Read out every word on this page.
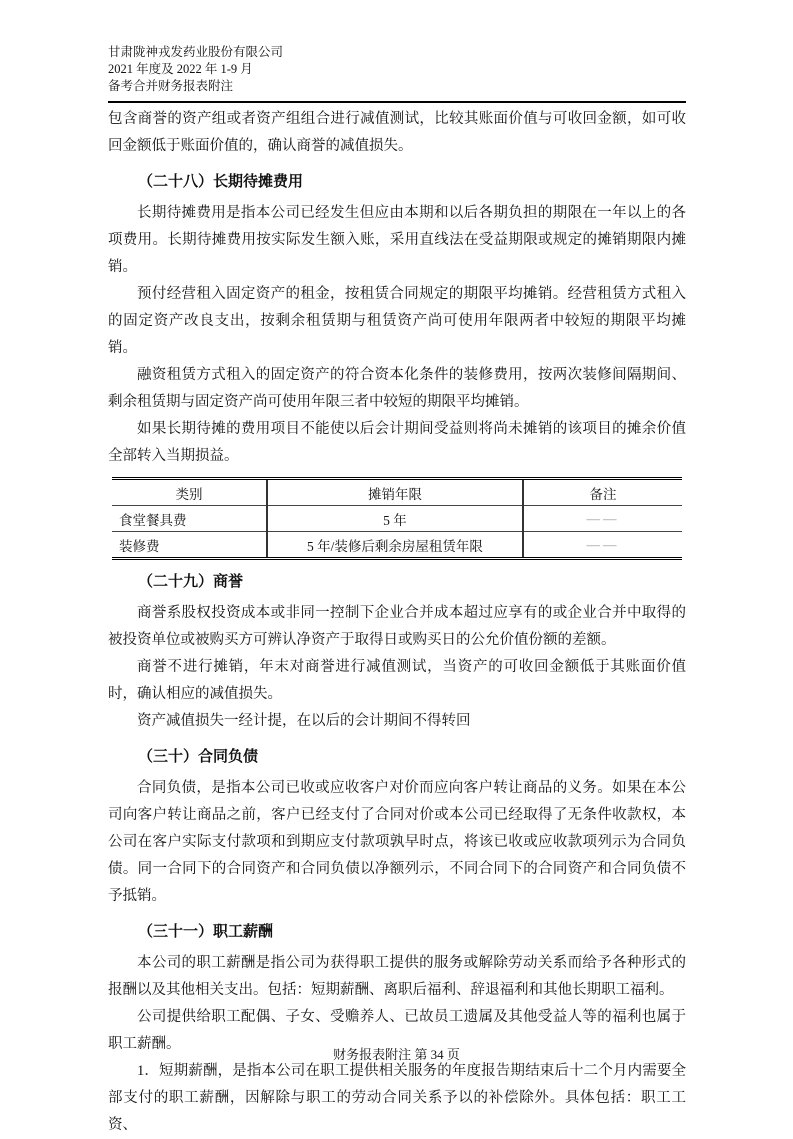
甘肃陇神戎发药业股份有限公司
2021 年度及 2022 年 1-9 月
备考合并财务报表附注

包含商誉的资产组或者资产组组合进行减值测试，比较其账面价值与可收回金额，如可收回金额低于账面价值的，确认商誉的减值损失。

（二十八）长期待摊费用

长期待摊费用是指本公司已经发生但应由本期和以后各期负担的期限在一年以上的各项费用。长期待摊费用按实际发生额入账，采用直线法在受益期限或规定的摊销期限内摊销。

预付经营租入固定资产的租金，按租赁合同规定的期限平均摊销。经营租赁方式租入的固定资产改良支出，按剩余租赁期与租赁资产尚可使用年限两者中较短的期限平均摊销。

融资租赁方式租入的固定资产的符合资本化条件的装修费用，按两次装修间隔期间、剩余租赁期与固定资产尚可使用年限三者中较短的期限平均摊销。

如果长期待摊的费用项目不能使以后会计期间受益则将尚未摊销的该项目的摊余价值全部转入当期损益。

类别	摊销年限	备注
食堂餐具费	5 年	——
装修费	5 年/装修后剩余房屋租赁年限	——
（二十九）商誉

商誉系股权投资成本或非同一控制下企业合并成本超过应享有的或企业合并中取得的被投资单位或被购买方可辨认净资产于取得日或购买日的公允价值份额的差额。

商誉不进行摊销，年末对商誉进行减值测试，当资产的可收回金额低于其账面价值时，确认相应的减值损失。

资产减值损失一经计提，在以后的会计期间不得转回

（三十）合同负债

合同负债，是指本公司已收或应收客户对价而应向客户转让商品的义务。如果在本公司向客户转让商品之前，客户已经支付了合同对价或本公司已经取得了无条件收款权，本公司在客户实际支付款项和到期应支付款项孰早时点，将该已收或应收款项列示为合同负债。同一合同下的合同资产和合同负债以净额列示，不同合同下的合同资产和合同负债不予抵销。

（三十一）职工薪酬

本公司的职工薪酬是指公司为获得职工提供的服务或解除劳动关系而给予各种形式的报酬以及其他相关支出。包括：短期薪酬、离职后福利、辞退福利和其他长期职工福利。

公司提供给职工配偶、子女、受赡养人、已故员工遗属及其他受益人等的福利也属于职工薪酬。

1．短期薪酬，是指本公司在职工提供相关服务的年度报告期结束后十二个月内需要全部支付的职工薪酬，因解除与职工的劳动合同关系予以的补偿除外。具体包括：职工工资、

财务报表附注 第 34 页
